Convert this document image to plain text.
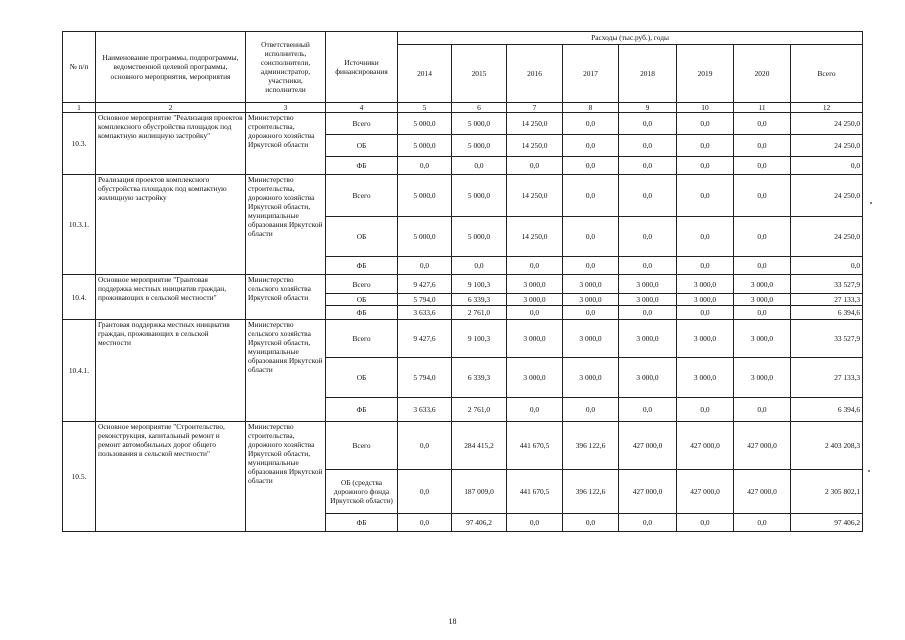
№ п/п	Наименование программы, подпрограммы, ведомственной целевой программы, основного мероприятия, мероприятия	Ответственный исполнитель, соисполнители, администратор, участники, исполнители	Источники финансирования	Расходы (тыс.руб.), годы							
				2014	2015	2016	2017	2018	2019	2020	Всего
1	2	3	4	5	6	7	8	9	10	11	12
10.3.	Основное мероприятие "Реализация проектов комплексного обустройства площадок под компактную жилищную застройку"	Министерство строительства, дорожного хозяйства Иркутской области	Всего	5 000,0	5 000,0	14 250,0	0,0	0,0	0,0	0,0	24 250,0
			ОБ	5 000,0	5 000,0	14 250,0	0,0	0,0	0,0	0,0	24 250,0
			ФБ	0,0	0,0	0,0	0,0	0,0	0,0	0,0	0,0
10.3.1.	Реализация проектов комплексного обустройства площадок под компактную жилищную застройку	Министерство строительства, дорожного хозяйства Иркутской области, муниципальные образования Иркутской области	Всего	5 000,0	5 000,0	14 250,0	0,0	0,0	0,0	0,0	24 250,0
			ОБ	5 000,0	5 000,0	14 250,0	0,0	0,0	0,0	0,0	24 250,0
			ФБ	0,0	0,0	0,0	0,0	0,0	0,0	0,0	0,0
10.4.	Основное мероприятие "Грантовая поддержка местных инициатив граждан, проживающих в сельской местности"	Министерство сельского хозяйства Иркутской области	Всего	9 427,6	9 100,3	3 000,0	3 000,0	3 000,0	3 000,0	3 000,0	33 527,9
			ОБ	5 794,0	6 339,3	3 000,0	3 000,0	3 000,0	3 000,0	3 000,0	27 133,3
			ФБ	3 633,6	2 761,0	0,0	0,0	0,0	0,0	0,0	6 394,6
10.4.1.	Грантовая поддержка местных инициатив граждан, проживающих в сельской местности	Министерство сельского хозяйства Иркутской области, муниципальные образования Иркутской области	Всего	9 427,6	9 100,3	3 000,0	3 000,0	3 000,0	3 000,0	3 000,0	33 527,9
			ОБ	5 794,0	6 339,3	3 000,0	3 000,0	3 000,0	3 000,0	3 000,0	27 133,3
			ФБ	3 633,6	2 761,0	0,0	0,0	0,0	0,0	0,0	6 394,6
10.5.	Основное мероприятие "Строительство, реконструкция, капитальный ремонт и ремонт автомобильных дорог общего пользования в сельской местности"	Министерство строительства, дорожного хозяйства Иркутской области, муниципальные образования Иркутской области	Всего	0,0	284 415,2	441 670,5	396 122,6	427 000,0	427 000,0	427 000,0	2 403 208,3
			ОБ (средства дорожного фонда Иркутской области)	0,0	187 009,0	441 670,5	396 122,6	427 000,0	427 000,0	427 000,0	2 305 802,1
			ФБ	0,0	97 406,2	0,0	0,0	0,0	0,0	0,0	97 406,2
18
